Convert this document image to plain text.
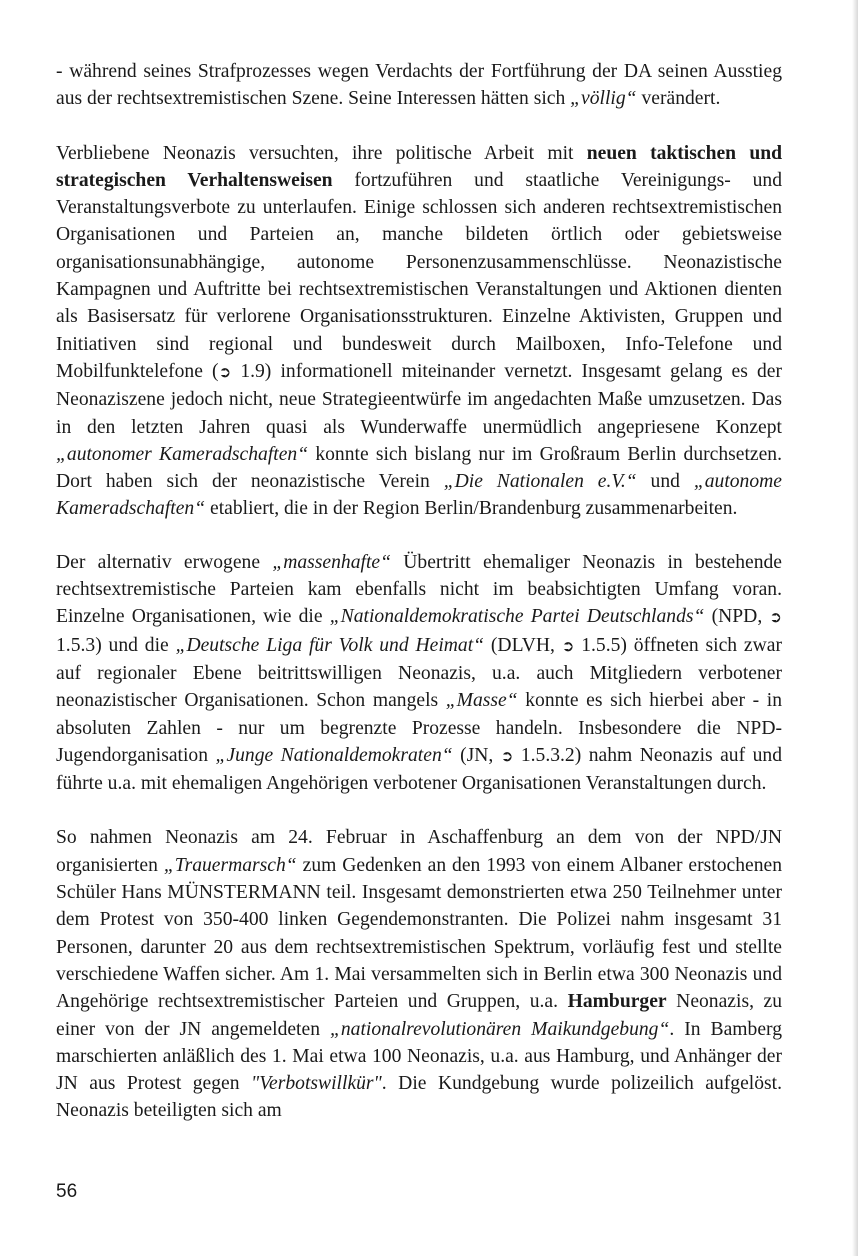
- während seines Strafprozesses wegen Verdachts der Fortführung der DA seinen Ausstieg aus der rechtsextremistischen Szene. Seine Interessen hätten sich „völlig“ verändert.

Verbliebene Neonazis versuchten, ihre politische Arbeit mit neuen taktischen und strategischen Verhaltensweisen fortzuführen und staatliche Vereinigungs- und Veranstaltungsverbote zu unterlaufen. Einige schlossen sich anderen rechtsextremistischen Organisationen und Parteien an, manche bildeten örtlich oder gebietsweise organisationsunabhängige, autonome Personenzusammenschlüsse. Neonazistische Kampagnen und Auftritte bei rechtsextremistischen Veranstaltungen und Aktionen dienten als Basisersatz für verlorene Organisationsstrukturen. Einzelne Aktivisten, Gruppen und Initiativen sind regional und bundesweit durch Mailboxen, Info-Telefone und Mobilfunktelefone (➲ 1.9) informationell miteinander vernetzt. Insgesamt gelang es der Neonaziszene jedoch nicht, neue Strategieentwürfe im angedachten Maße umzusetzen. Das in den letzten Jahren quasi als Wunderwaffe unermüdlich angepriesene Konzept „autonomer Kameradschaften“ konnte sich bislang nur im Großraum Berlin durchsetzen. Dort haben sich der neonazistische Verein „Die Nationalen e.V.“ und „autonome Kameradschaften“ etabliert, die in der Region Berlin/Brandenburg zusammenarbeiten.

Der alternativ erwogene „massenhafte“ Übertritt ehemaliger Neonazis in bestehende rechtsextremistische Parteien kam ebenfalls nicht im beabsichtigten Umfang voran. Einzelne Organisationen, wie die „Nationaldemokratische Partei Deutschlands“ (NPD, ➲ 1.5.3) und die „Deutsche Liga für Volk und Heimat“ (DLVH, ➲ 1.5.5) öffneten sich zwar auf regionaler Ebene beitrittswilligen Neonazis, u.a. auch Mitgliedern verbotener neonazistischer Organisationen. Schon mangels „Masse“ konnte es sich hierbei aber - in absoluten Zahlen - nur um begrenzte Prozesse handeln. Insbesondere die NPD-Jugendorganisation „Junge Nationaldemokraten“ (JN, ➲ 1.5.3.2) nahm Neonazis auf und führte u.a. mit ehemaligen Angehörigen verbotener Organisationen Veranstaltungen durch.

So nahmen Neonazis am 24. Februar in Aschaffenburg an dem von der NPD/JN organisierten „Trauermarsch“ zum Gedenken an den 1993 von einem Albaner erstochenen Schüler Hans MÜNSTERMANN teil. Insgesamt demonstrierten etwa 250 Teilnehmer unter dem Protest von 350-400 linken Gegendemonstranten. Die Polizei nahm insgesamt 31 Personen, darunter 20 aus dem rechtsextremistischen Spektrum, vorläufig fest und stellte verschiedene Waffen sicher. Am 1. Mai versammelten sich in Berlin etwa 300 Neonazis und Angehörige rechtsextremistischer Parteien und Gruppen, u.a. Hamburger Neonazis, zu einer von der JN angemeldeten „nationalrevolutionären Maikundgebung“. In Bamberg marschierten anläßlich des 1. Mai etwa 100 Neonazis, u.a. aus Hamburg, und Anhänger der JN aus Protest gegen "Verbotswillkür". Die Kundgebung wurde polizeilich aufgelöst. Neonazis beteiligten sich am

56
